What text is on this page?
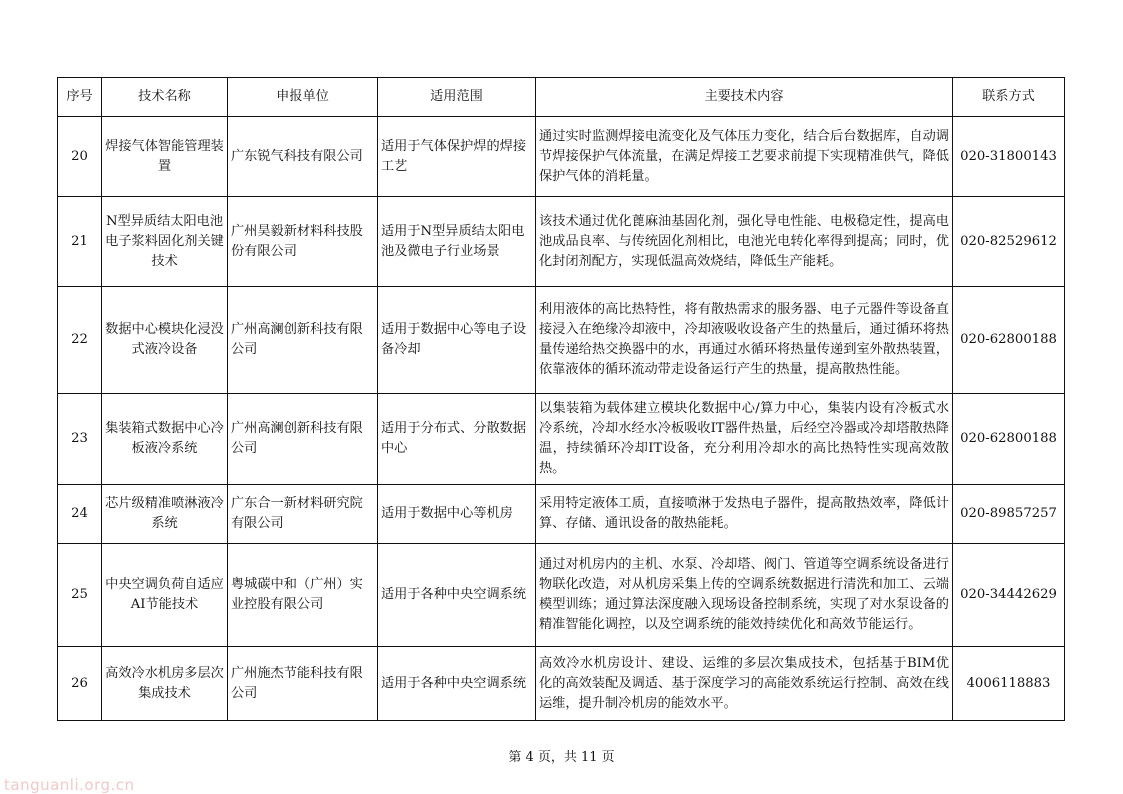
序号	技术名称	申报单位	适用范围	主要技术内容	联系方式
20	焊接气体智能管理装置	广东锐气科技有限公司	适用于气体保护焊的焊接工艺	通过实时监测焊接电流变化及气体压力变化，结合后台数据库，自动调节焊接保护气体流量，在满足焊接工艺要求前提下实现精准供气，降低保护气体的消耗量。	020-31800143
21	N型异质结太阳电池电子浆料固化剂关键技术	广州昊毅新材料科技股份有限公司	适用于N型异质结太阳电池及微电子行业场景	该技术通过优化蓖麻油基固化剂，强化导电性能、电极稳定性，提高电池成品良率、与传统固化剂相比，电池光电转化率得到提高；同时，优化封闭剂配方，实现低温高效烧结，降低生产能耗。	020-82529612
22	数据中心模块化浸没式液冷设备	广州高澜创新科技有限公司	适用于数据中心等电子设备冷却	利用液体的高比热特性，将有散热需求的服务器、电子元器件等设备直接浸入在绝缘冷却液中，冷却液吸收设备产生的热量后，通过循环将热量传递给热交换器中的水，再通过水循环将热量传递到室外散热装置，依靠液体的循环流动带走设备运行产生的热量，提高散热性能。	020-62800188
23	集装箱式数据中心冷板液冷系统	广州高澜创新科技有限公司	适用于分布式、分散数据中心	以集装箱为载体建立模块化数据中心/算力中心，集装内设有冷板式水冷系统，冷却水经水冷板吸收IT器件热量，后经空冷器或冷却塔散热降温，持续循环冷却IT设备，充分利用冷却水的高比热特性实现高效散热。	020-62800188
24	芯片级精准喷淋液冷系统	广东合一新材料研究院有限公司	适用于数据中心等机房	采用特定液体工质，直接喷淋于发热电子器件，提高散热效率，降低计算、存储、通讯设备的散热能耗。	020-89857257
25	中央空调负荷自适应AI节能技术	粤城碳中和（广州）实业控股有限公司	适用于各种中央空调系统	通过对机房内的主机、水泵、冷却塔、阀门、管道等空调系统设备进行物联化改造，对从机房采集上传的空调系统数据进行清洗和加工、云端模型训练；通过算法深度融入现场设备控制系统，实现了对水泵设备的精准智能化调控，以及空调系统的能效持续优化和高效节能运行。	020-34442629
26	高效冷水机房多层次集成技术	广州施杰节能科技有限公司	适用于各种中央空调系统	高效冷水机房设计、建设、运维的多层次集成技术，包括基于BIM优化的高效装配及调适、基于深度学习的高能效系统运行控制、高效在线运维，提升制冷机房的能效水平。	4006118883
第 4 页，共 11 页
tanguanli.org.cn
